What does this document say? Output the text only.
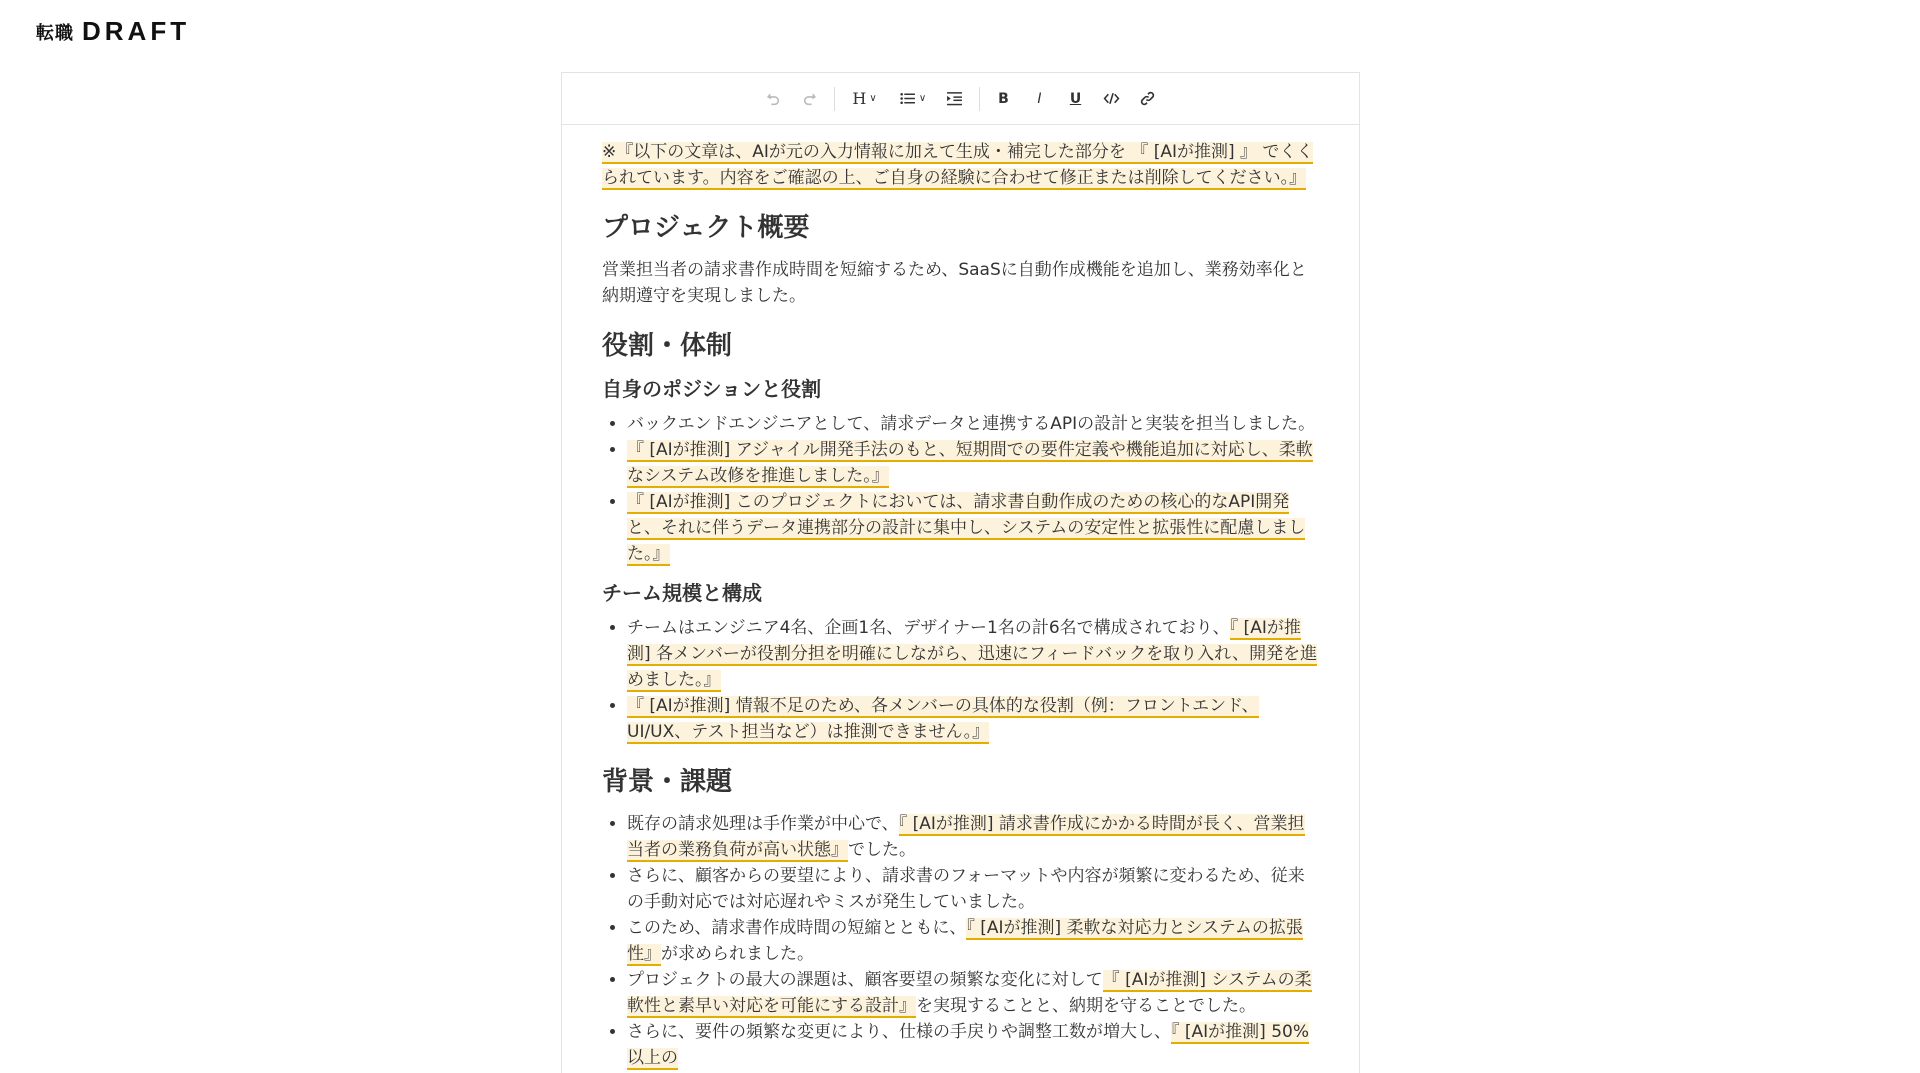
転職 DRAFT
H ∨	∨	B I U

※『以下の文章は、AIが元の入力情報に加えて生成・補完した部分を 『 [AIが推測] 』 でくくられています。内容をご確認の上、ご自身の経験に合わせて修正または削除してください。』

プロジェクト概要

営業担当者の請求書作成時間を短縮するため、SaaSに自動作成機能を追加し、業務効率化と納期遵守を実現しました。

役割・体制
自身のポジションと役割
• バックエンドエンジニアとして、請求データと連携するAPIの設計と実装を担当しました。
• 『 [AIが推測] アジャイル開発手法のもと、短期間での要件定義や機能追加に対応し、柔軟なシステム改修を推進しました。』
• 『 [AIが推測] このプロジェクトにおいては、請求書自動作成のための核心的なAPI開発と、それに伴うデータ連携部分の設計に集中し、システムの安定性と拡張性に配慮しました。』
チーム規模と構成
• チームはエンジニア4名、企画1名、デザイナー1名の計6名で構成されており、『 [AIが推測] 各メンバーが役割分担を明確にしながら、迅速にフィードバックを取り入れ、開発を進めました。』
• 『 [AIが推測] 情報不足のため、各メンバーの具体的な役割（例：フロントエンド、UI/UX、テスト担当など）は推測できません。』
背景・課題
• 既存の請求処理は手作業が中心で、『 [AIが推測] 請求書作成にかかる時間が長く、営業担当者の業務負荷が高い状態』でした。
• さらに、顧客からの要望により、請求書のフォーマットや内容が頻繁に変わるため、従来の手動対応では対応遅れやミスが発生していました。
• このため、請求書作成時間の短縮とともに、『 [AIが推測] 柔軟な対応力とシステムの拡張性』が求められました。
• プロジェクトの最大の課題は、顧客要望の頻繁な変化に対して『 [AIが推測] システムの柔軟性と素早い対応を可能にする設計』を実現することと、納期を守ることでした。
• さらに、要件の頻繁な変更により、仕様の手戻りや調整工数が増大し、『 [AIが推測] 50%以上の
